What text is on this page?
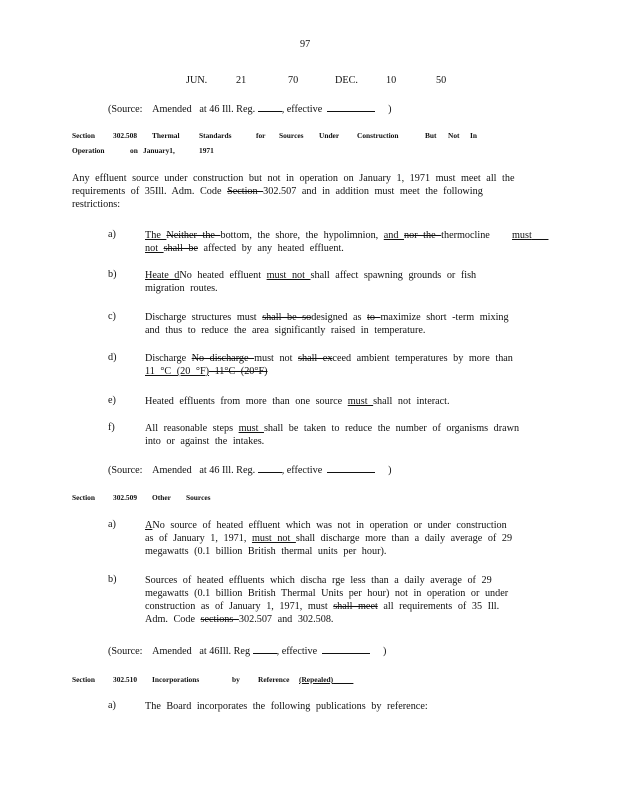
97
JUN.	21	70	DEC.	10	50
(Source: Amended at 46 Ill. Reg.	, effective	)
Section 302.508 Thermal	Standards	for Sources Under Construction	But Not In
Operation	on January1,	1971
Any effluent source under construction but not in operation on January 1, 1971 must meet all the
requirements of 35Ill. Adm. Code Section 302.507 and in addition must meet the following
restrictions:
a)	The Neither the bottom, the shore, the hypolimnion, and nor the thermocline    must
not shall be affected by any heated effluent.
b)	Heate dNo heated effluent must not shall affect spawning grounds or fish
migration routes.
c)	Discharge structures must shall be sodesigned as to maximize short -term mixing
and thus to reduce the area significantly raised in temperature.
d)	Discharge No discharge must not shall exceed ambient temperatures by more than
11 °C (20 °F) 11°C (20°F)
e)	Heated effluents from more than one source must shall not interact.
f)	All reasonable steps must shall be taken to reduce the number of organisms drawn
into or against the intakes.
(Source: Amended at 46 Ill. Reg.	, effective	)
Section 302.509 Other Sources
a)	ANo source of heated effluent which was not in operation or under construction
as of January 1, 1971, must not shall discharge more than a daily average of 29
megawatts (0.1 billion British thermal units per hour).
b)	Sources of heated effluents which discha rge less than a daily average of 29
megawatts (0.1 billion British Thermal Units per hour) not in operation or under
construction as of January 1, 1971, must shall meet all requirements of 35 Ill.
Adm. Code sections 302.507 and 302.508.
(Source: Amended at 46Ill. Reg	, effective	)
Section 302.510 Incorporations	by Reference (Repealed)
a)	The Board incorporates the following publications by reference:
